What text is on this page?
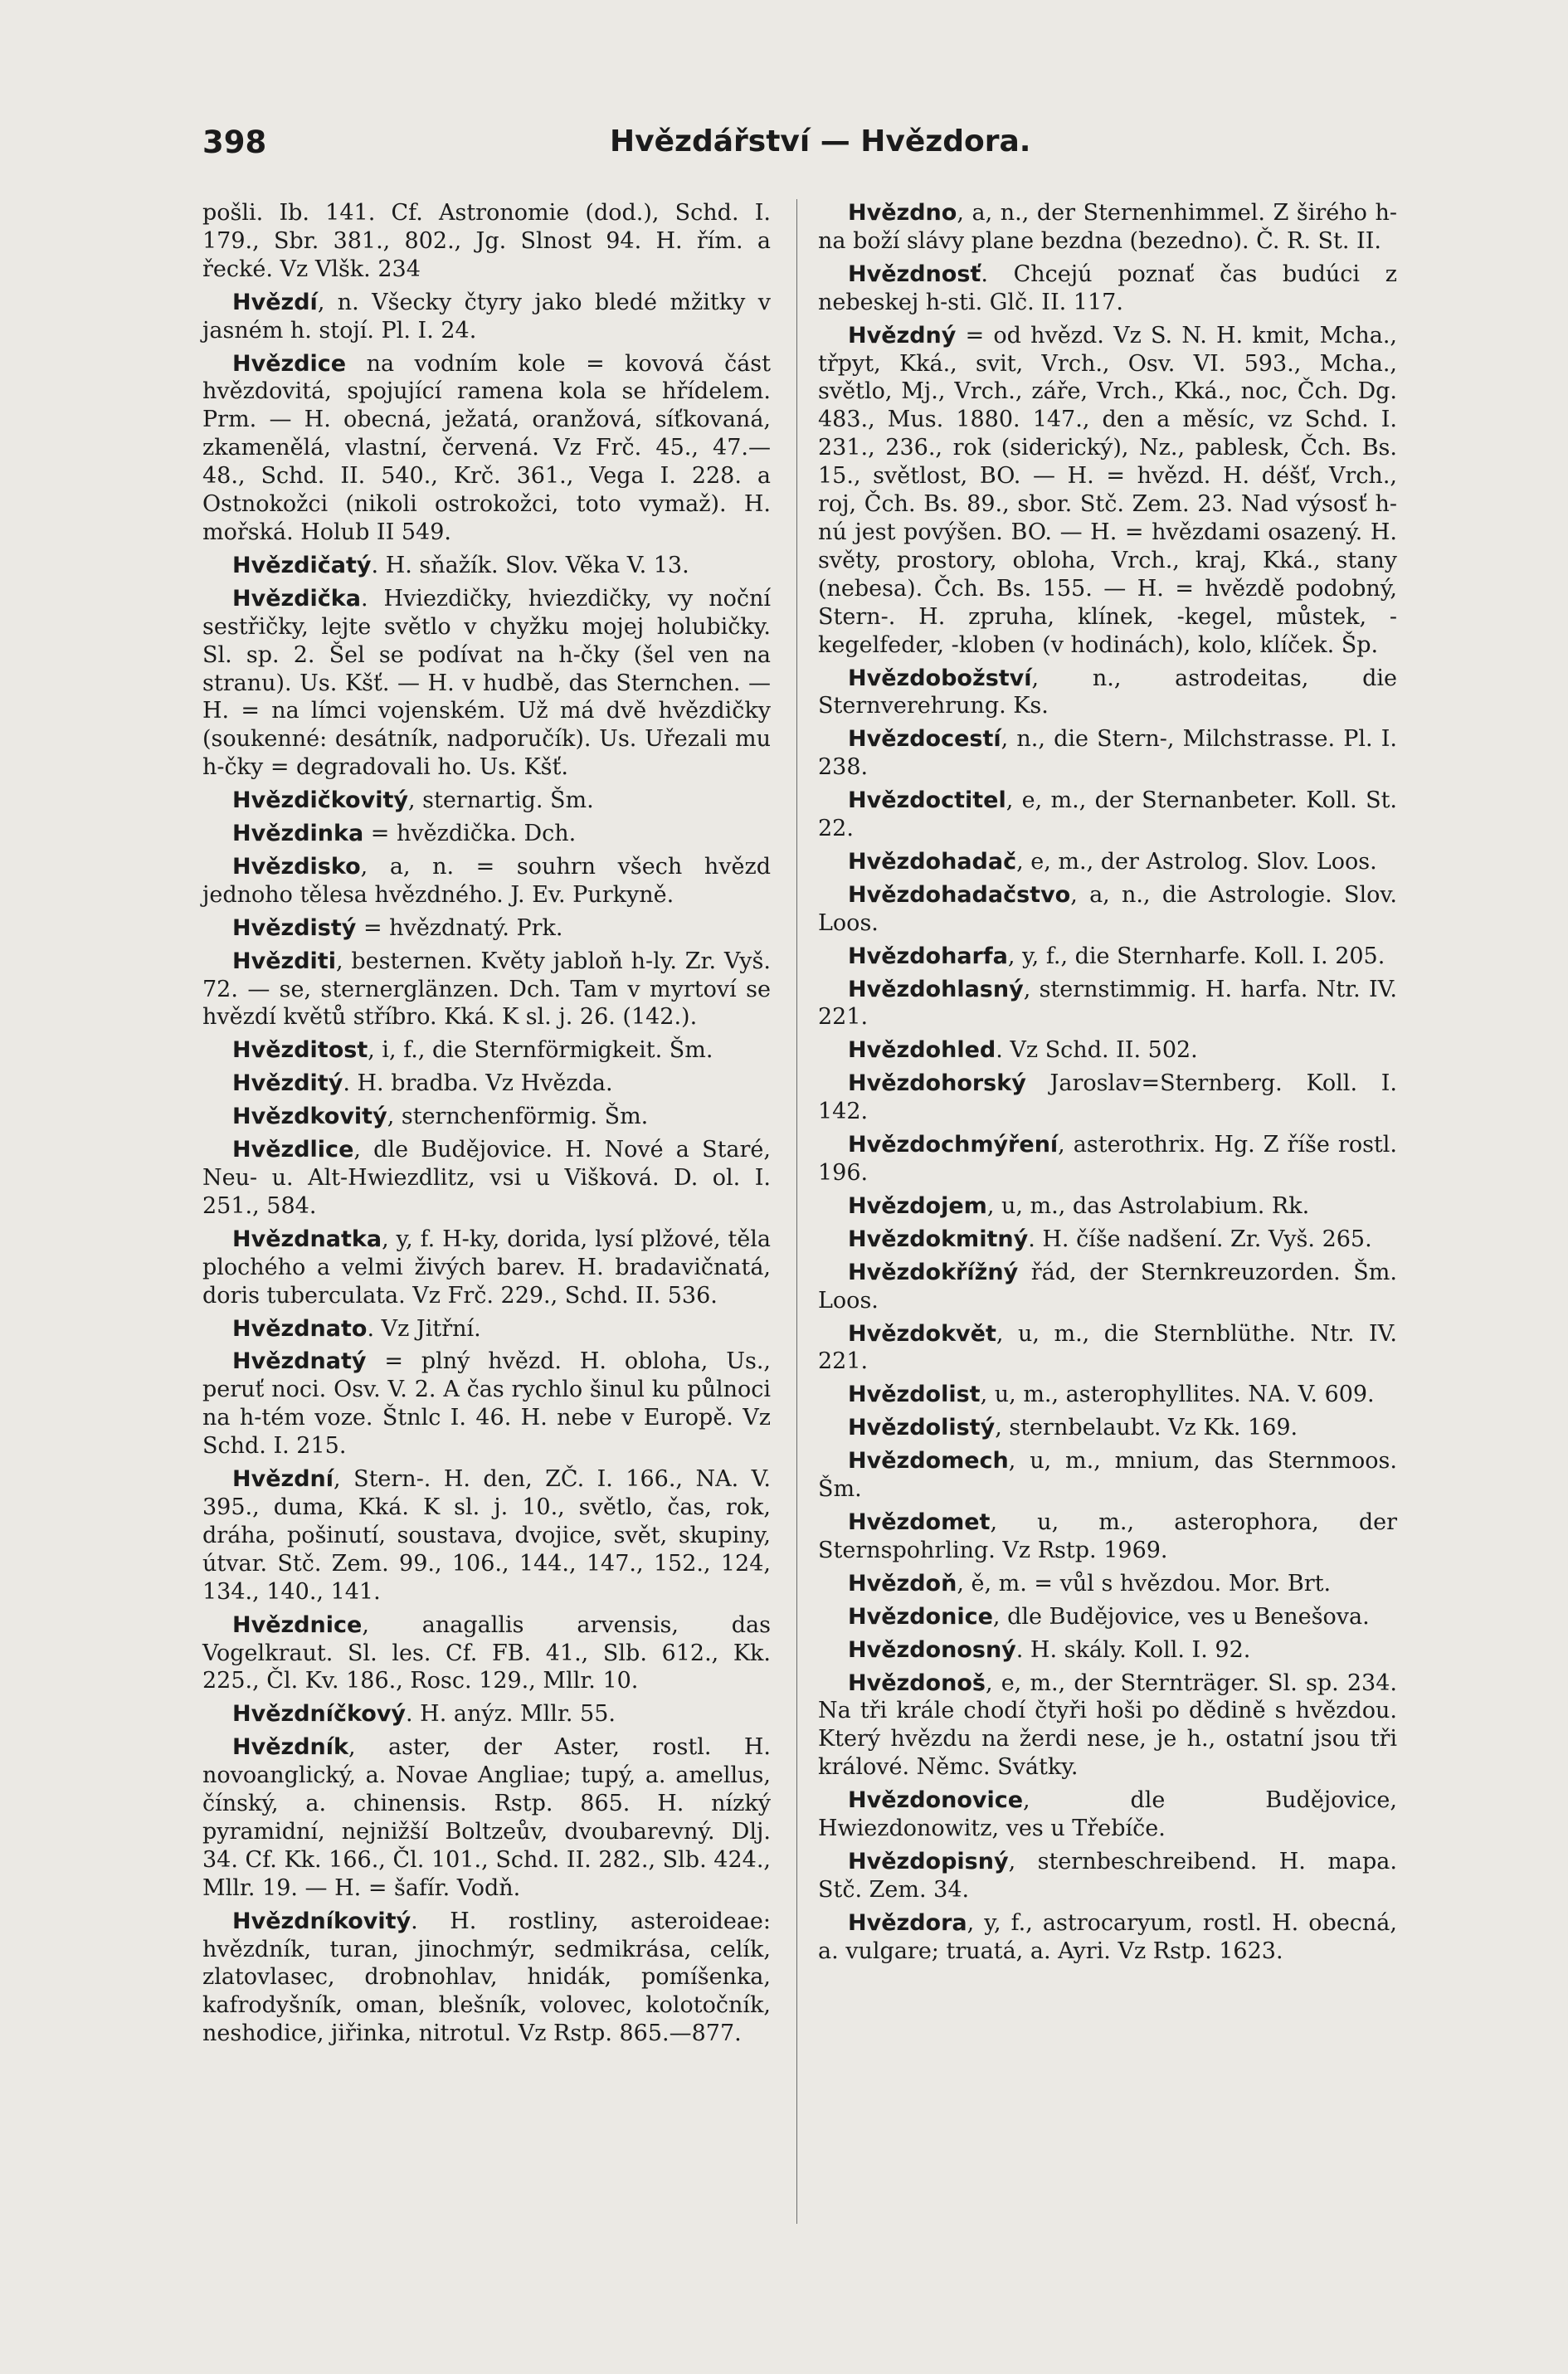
398	Hvězdářství — Hvězdora.

pošli. Ib. 141. Cf. Astronomie (dod.), Schd. I. 179., Sbr. 381., 802., Jg. Slnost 94. H. řím. a řecké. Vz Vlšk. 234

Hvězdí, n. Všecky čtyry jako bledé mžitky v jasném h. stojí. Pl. I. 24.

Hvězdice na vodním kole = kovová část hvězdovitá, spojující ramena kola se hřídelem. Prm. — H. obecná, ježatá, oranžová, síťkovaná, zkamenělá, vlastní, červená. Vz Frč. 45., 47.—48., Schd. II. 540., Krč. 361., Vega I. 228. a Ostnokožci (nikoli ostrokožci, toto vymaž). H. mořská. Holub II 549.

Hvězdičatý. H. sňažík. Slov. Věka V. 13.

Hvězdička. Hviezdičky, hviezdičky, vy noční sestřičky, lejte světlo v chyžku mojej holubičky. Sl. sp. 2. Šel se podívat na h-čky (šel ven na stranu). Us. Kšť. — H. v hudbě, das Sternchen. — H. = na límci vojenském. Už má dvě hvězdičky (soukenné: desátník, nadporučík). Us. Uřezali mu h-čky = degradovali ho. Us. Kšť.

Hvězdičkovitý, sternartig. Šm.

Hvězdinka = hvězdička. Dch.

Hvězdisko, a, n. = souhrn všech hvězd jednoho tělesa hvězdného. J. Ev. Purkyně.

Hvězdistý = hvězdnatý. Prk.

Hvězditi, besternen. Květy jabloň h-ly. Zr. Vyš. 72. — se, sternerglänzen. Dch. Tam v myrtoví se hvězdí květů stříbro. Kká. K sl. j. 26. (142.).

Hvězditost, i, f., die Sternförmigkeit. Šm.

Hvězditý. H. bradba. Vz Hvězda.

Hvězdkovitý, sternchenförmig. Šm.

Hvězdlice, dle Budějovice. H. Nové a Staré, Neu- u. Alt-Hwiezdlitz, vsi u Višková. D. ol. I. 251., 584.

Hvězdnatka, y, f. H-ky, dorida, lysí plžové, těla plochého a velmi živých barev. H. bradavičnatá, doris tuberculata. Vz Frč. 229., Schd. II. 536.

Hvězdnato. Vz Jitřní.

Hvězdnatý = plný hvězd. H. obloha, Us., peruť noci. Osv. V. 2. A čas rychlo šinul ku půlnoci na h-tém voze. Štnlc I. 46. H. nebe v Europě. Vz Schd. I. 215.

Hvězdní, Stern-. H. den, ZČ. I. 166., NA. V. 395., duma, Kká. K sl. j. 10., světlo, čas, rok, dráha, pošinutí, soustava, dvojice, svět, skupiny, útvar. Stč. Zem. 99., 106., 144., 147., 152., 124, 134., 140., 141.

Hvězdnice, anagallis arvensis, das Vogelkraut. Sl. les. Cf. FB. 41., Slb. 612., Kk. 225., Čl. Kv. 186., Rosc. 129., Mllr. 10.

Hvězdníčkový. H. anýz. Mllr. 55.

Hvězdník, aster, der Aster, rostl. H. novoanglický, a. Novae Angliae; tupý, a. amellus, čínský, a. chinensis. Rstp. 865. H. nízký pyramidní, nejnižší Boltzeův, dvoubarevný. Dlj. 34. Cf. Kk. 166., Čl. 101., Schd. II. 282., Slb. 424., Mllr. 19. — H. = šafír. Vodň.

Hvězdníkovitý. H. rostliny, asteroideae: hvězdník, turan, jinochmýr, sedmikrása, celík, zlatovlasec, drobnohlav, hnidák, pomíšenka, kafrodyšník, oman, blešník, volovec, kolotočník, neshodice, jiřinka, nitrotul. Vz Rstp. 865.—877.

Hvězdno, a, n., der Sternenhimmel. Z širého h-na boží slávy plane bezdna (bezedno). Č. R. St. II.

Hvězdnosť. Chcejú poznať čas budúci z nebeskej h-sti. Glč. II. 117.

Hvězdný = od hvězd. Vz S. N. H. kmit, Mcha., třpyt, Kká., svit, Vrch., Osv. VI. 593., Mcha., světlo, Mj., Vrch., záře, Vrch., Kká., noc, Čch. Dg. 483., Mus. 1880. 147., den a měsíc, vz Schd. I. 231., 236., rok (siderický), Nz., pablesk, Čch. Bs. 15., světlost, BO. — H. = hvězd. H. déšť, Vrch., roj, Čch. Bs. 89., sbor. Stč. Zem. 23. Nad výsosť h-nú jest povýšen. BO. — H. = hvězdami osazený. H. světy, prostory, obloha, Vrch., kraj, Kká., stany (nebesa). Čch. Bs. 155. — H. = hvězdě podobný, Stern-. H. zpruha, klínek, -kegel, můstek, -kegelfeder, -kloben (v hodinách), kolo, klíček. Šp.

Hvězdobožství, n., astrodeitas, die Sternverehrung. Ks.

Hvězdocestí, n., die Stern-, Milchstrasse. Pl. I. 238.

Hvězdoctitel, e, m., der Sternanbeter. Koll. St. 22.

Hvězdohadač, e, m., der Astrolog. Slov. Loos.

Hvězdohadačstvo, a, n., die Astrologie. Slov. Loos.

Hvězdoharfa, y, f., die Sternharfe. Koll. I. 205.

Hvězdohlasný, sternstimmig. H. harfa. Ntr. IV. 221.

Hvězdohled. Vz Schd. II. 502.

Hvězdohorský Jaroslav=Sternberg. Koll. I. 142.

Hvězdochmýření, asterothrix. Hg. Z říše rostl. 196.

Hvězdojem, u, m., das Astrolabium. Rk.

Hvězdokmitný. H. číše nadšení. Zr. Vyš. 265.

Hvězdokřížný řád, der Sternkreuzorden. Šm. Loos.

Hvězdokvět, u, m., die Sternblüthe. Ntr. IV. 221.

Hvězdolist, u, m., asterophyllites. NA. V. 609.

Hvězdolistý, sternbelaubt. Vz Kk. 169.

Hvězdomech, u, m., mnium, das Sternmoos. Šm.

Hvězdomet, u, m., asterophora, der Sternspohrling. Vz Rstp. 1969.

Hvězdoň, ě, m. = vůl s hvězdou. Mor. Brt.

Hvězdonice, dle Budějovice, ves u Benešova.

Hvězdonosný. H. skály. Koll. I. 92.

Hvězdonoš, e, m., der Sternträger. Sl. sp. 234. Na tři krále chodí čtyři hoši po dědině s hvězdou. Který hvězdu na žerdi nese, je h., ostatní jsou tři králové. Němc. Svátky.

Hvězdonovice, dle Budějovice, Hwiezdonowitz, ves u Třebíče.

Hvězdopisný, sternbeschreibend. H. mapa. Stč. Zem. 34.

Hvězdora, y, f., astrocaryum, rostl. H. obecná, a. vulgare; truatá, a. Ayri. Vz Rstp. 1623.
